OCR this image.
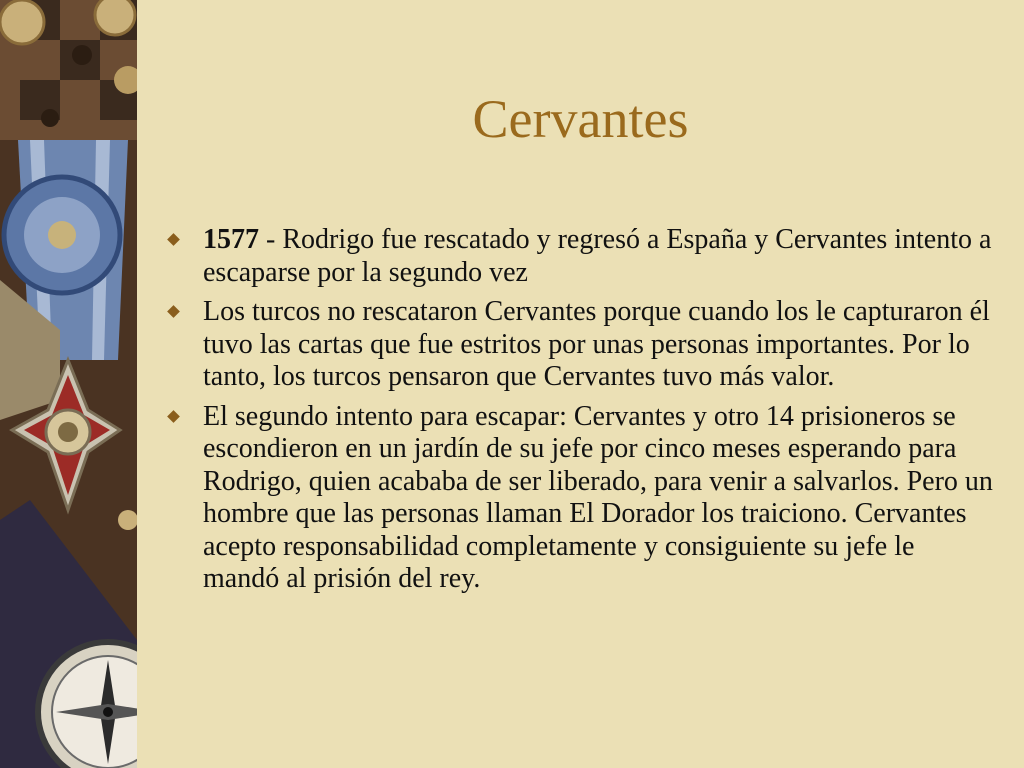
Cervantes
1577 - Rodrigo fue rescatado y regresó a España y Cervantes intento a escaparse por la segundo vez
Los turcos no rescataron Cervantes porque cuando los le capturaron él tuvo las cartas que fue estritos por unas personas importantes. Por lo tanto, los turcos pensaron que Cervantes tuvo más valor.
El segundo intento para escapar: Cervantes y otro 14 prisioneros se escondieron en un jardín de su jefe por cinco meses esperando para Rodrigo, quien acababa de ser liberado, para venir a salvarlos. Pero un hombre que las personas llaman El Dorador los traiciono. Cervantes acepto responsabilidad completamente y consiguiente su jefe le mandó al prisión del rey.
